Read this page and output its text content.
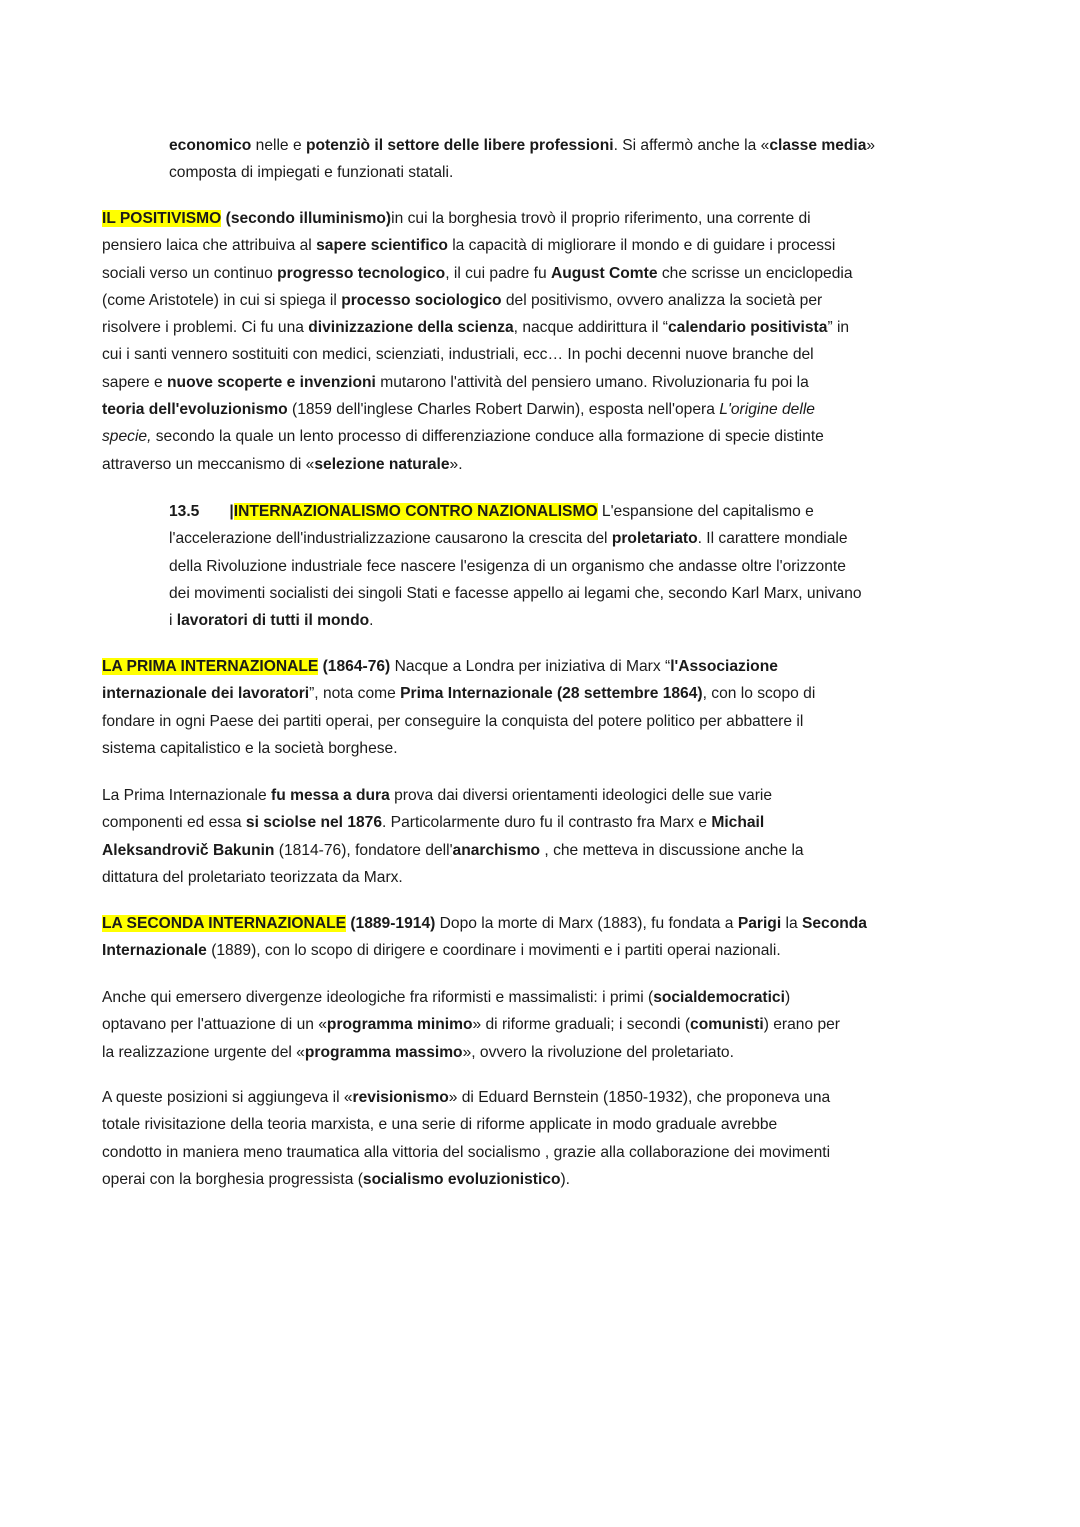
economico nelle e potenziò il settore delle libere professioni. Si affermò anche la «classe media»
composta di impiegati e funzionati statali.
IL POSITIVISMO (secondo illuminismo)in cui la borghesia trovò il proprio riferimento, una corrente di
pensiero laica che attribuiva al sapere scientifico la capacità di migliorare il mondo e di guidare i processi
sociali verso un continuo progresso tecnologico, il cui padre fu August Comte che scrisse un enciclopedia
(come Aristotele) in cui si spiega il processo sociologico del positivismo, ovvero analizza la società per
risolvere i problemi. Ci fu una divinizzazione della scienza, nacque addirittura il “calendario positivista” in
cui i santi vennero sostituiti con medici, scienziati, industriali, ecc… In pochi decenni nuove branche del
sapere e nuove scoperte e invenzioni mutarono l'attività del pensiero umano. Rivoluzionaria fu poi la
teoria dell'evoluzionismo (1859 dell'inglese Charles Robert Darwin), esposta nell'opera L'origine delle
specie, secondo la quale un lento processo di differenziazione conduce alla formazione di specie distinte
attraverso un meccanismo di «selezione naturale».
13.5 |INTERNAZIONALISMO CONTRO NAZIONALISMO L'espansione del capitalismo e
l'accelerazione dell'industrializzazione causarono la crescita del proletariato. Il carattere mondiale
della Rivoluzione industriale fece nascere l'esigenza di un organismo che andasse oltre l'orizzonte
dei movimenti socialisti dei singoli Stati e facesse appello ai legami che, secondo Karl Marx, univano
i lavoratori di tutti il mondo.
LA PRIMA INTERNAZIONALE (1864-76) Nacque a Londra per iniziativa di Marx “l'Associazione
internazionale dei lavoratori”, nota come Prima Internazionale (28 settembre 1864), con lo scopo di
fondare in ogni Paese dei partiti operai, per conseguire la conquista del potere politico per abbattere il
sistema capitalistico e la società borghese.
La Prima Internazionale fu messa a dura prova dai diversi orientamenti ideologici delle sue varie
componenti ed essa si sciolse nel 1876. Particolarmente duro fu il contrasto fra Marx e Michail
Aleksandrovič Bakunin (1814-76), fondatore dell'anarchismo , che metteva in discussione anche la
dittatura del proletariato teorizzata da Marx.
LA SECONDA INTERNAZIONALE (1889-1914) Dopo la morte di Marx (1883), fu fondata a Parigi la Seconda
Internazionale (1889), con lo scopo di dirigere e coordinare i movimenti e i partiti operai nazionali.
Anche qui emersero divergenze ideologiche fra riformisti e massimalisti: i primi (socialdemocratici)
optavano per l'attuazione di un «programma minimo» di riforme graduali; i secondi (comunisti) erano per
la realizzazione urgente del «programma massimo», ovvero la rivoluzione del proletariato.
A queste posizioni si aggiungeva il «revisionismo» di Eduard Bernstein (1850-1932), che proponeva una
totale rivisitazione della teoria marxista, e una serie di riforme applicate in modo graduale avrebbe
condotto in maniera meno traumatica alla vittoria del socialismo , grazie alla collaborazione dei movimenti
operai con la borghesia progressista (socialismo evoluzionistico).
